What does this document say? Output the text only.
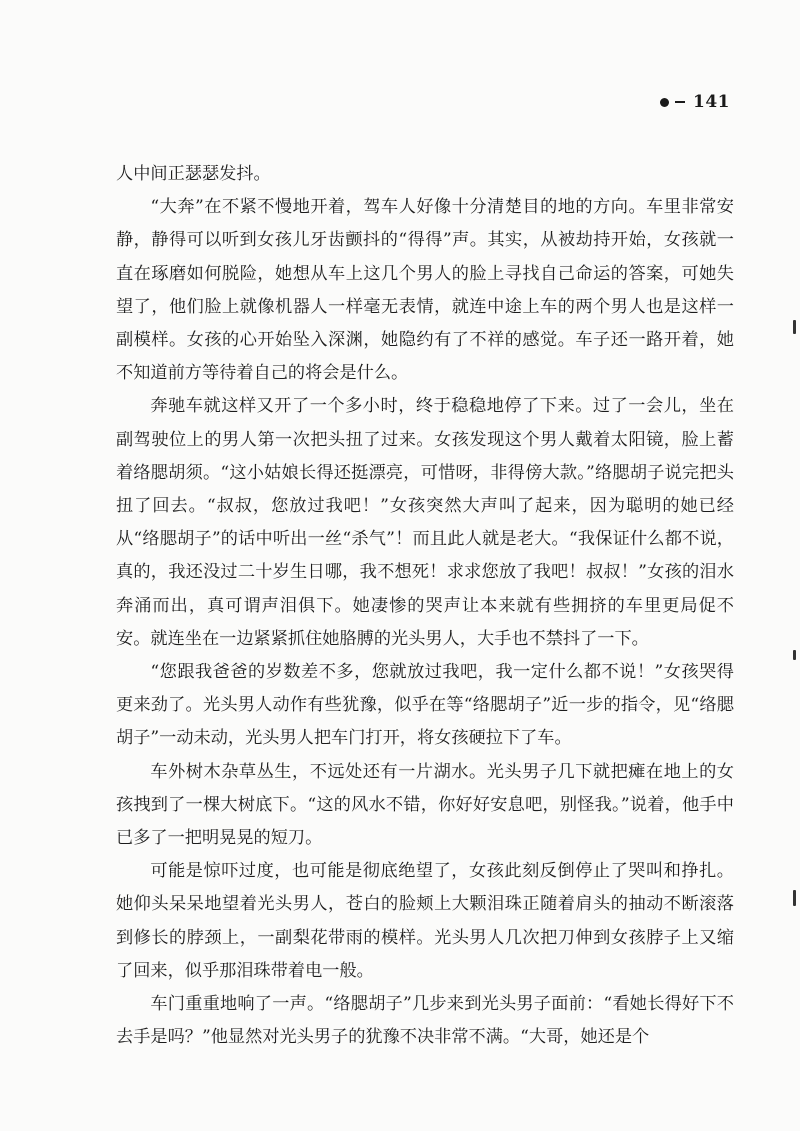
141

人中间正瑟瑟发抖。

“大奔”在不紧不慢地开着，驾车人好像十分清楚目的地的方向。车里非常安静，静得可以听到女孩儿牙齿颤抖的“得得”声。其实，从被劫持开始，女孩就一直在琢磨如何脱险，她想从车上这几个男人的脸上寻找自己命运的答案，可她失望了，他们脸上就像机器人一样毫无表情，就连中途上车的两个男人也是这样一副模样。女孩的心开始坠入深渊，她隐约有了不祥的感觉。车子还一路开着，她不知道前方等待着自己的将会是什么。

奔驰车就这样又开了一个多小时，终于稳稳地停了下来。过了一会儿，坐在副驾驶位上的男人第一次把头扭了过来。女孩发现这个男人戴着太阳镜，脸上蓄着络腮胡须。“这小姑娘长得还挺漂亮，可惜呀，非得傍大款。”络腮胡子说完把头扭了回去。“叔叔，您放过我吧！”女孩突然大声叫了起来，因为聪明的她已经从“络腮胡子”的话中听出一丝“杀气”！而且此人就是老大。“我保证什么都不说，真的，我还没过二十岁生日哪，我不想死！求求您放了我吧！叔叔！”女孩的泪水奔涌而出，真可谓声泪俱下。她凄惨的哭声让本来就有些拥挤的车里更局促不安。就连坐在一边紧紧抓住她胳膊的光头男人，大手也不禁抖了一下。

“您跟我爸爸的岁数差不多，您就放过我吧，我一定什么都不说！”女孩哭得更来劲了。光头男人动作有些犹豫，似乎在等“络腮胡子”近一步的指令，见“络腮胡子”一动未动，光头男人把车门打开，将女孩硬拉下了车。

车外树木杂草丛生，不远处还有一片湖水。光头男子几下就把瘫在地上的女孩拽到了一棵大树底下。“这的风水不错，你好好安息吧，别怪我。”说着，他手中已多了一把明晃晃的短刀。

可能是惊吓过度，也可能是彻底绝望了，女孩此刻反倒停止了哭叫和挣扎。她仰头呆呆地望着光头男人，苍白的脸颊上大颗泪珠正随着肩头的抽动不断滚落到修长的脖颈上，一副梨花带雨的模样。光头男人几次把刀伸到女孩脖子上又缩了回来，似乎那泪珠带着电一般。

车门重重地响了一声。“络腮胡子”几步来到光头男子面前：“看她长得好下不去手是吗？”他显然对光头男子的犹豫不决非常不满。“大哥，她还是个
